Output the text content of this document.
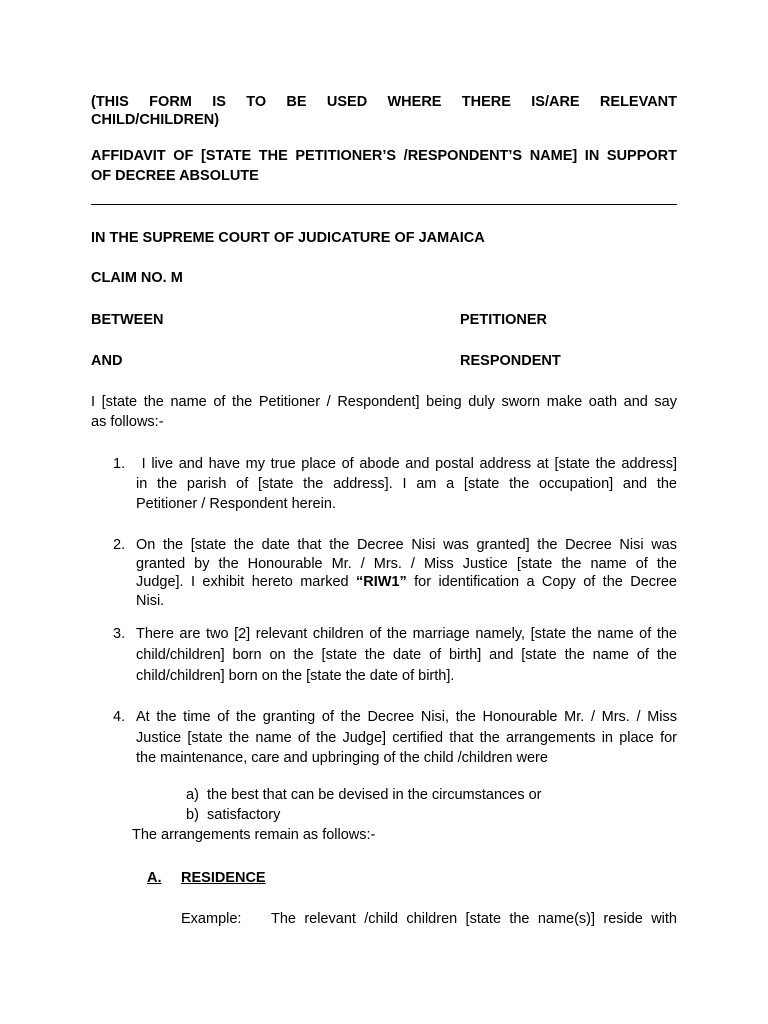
(THIS FORM IS TO BE USED WHERE THERE IS/ARE RELEVANT
CHILD/CHILDREN)
AFFIDAVIT OF [STATE THE PETITIONER’S /RESPONDENT’S NAME] IN SUPPORT
OF DECREE ABSOLUTE
IN THE SUPREME COURT OF JUDICATURE OF JAMAICA
CLAIM NO. M
BETWEEN	PETITIONER
AND	RESPONDENT
I [state the name of the Petitioner / Respondent] being duly sworn make oath and say
as follows:-
1. I live and have my true place of abode and postal address at [state the address]
in the parish of [state the address]. I am a [state the occupation] and the
Petitioner / Respondent herein.
2. On the [state the date that the Decree Nisi was granted] the Decree Nisi was
granted by the Honourable Mr. / Mrs. / Miss Justice [state the name of the
Judge]. I exhibit hereto marked “RIW1” for identification a Copy of the Decree
Nisi.
3. There are two [2] relevant children of the marriage namely, [state the name of the
child/children] born on the [state the date of birth] and [state the name of the
child/children] born on the [state the date of birth].
4. At the time of the granting of the Decree Nisi, the Honourable Mr. / Mrs. / Miss
Justice [state the name of the Judge] certified that the arrangements in place for
the maintenance, care and upbringing of the child /children were
a) the best that can be devised in the circumstances or
b) satisfactory
The arrangements remain as follows:-
A. RESIDENCE
Example: The relevant /child children [state the name(s)] reside with
